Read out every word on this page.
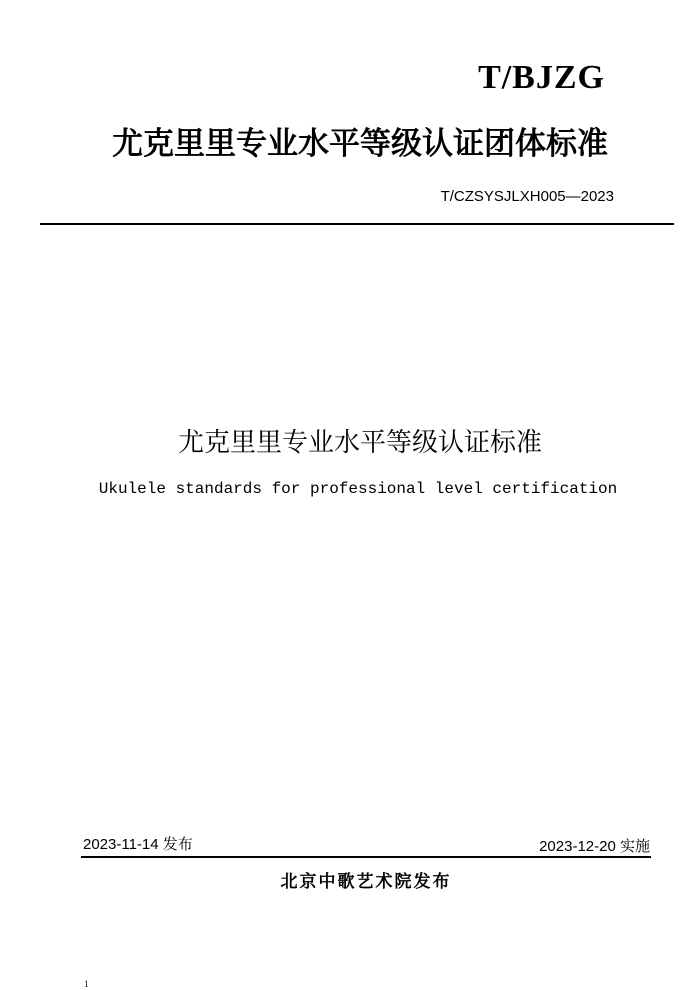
T/BJZG
尤克里里专业水平等级认证团体标准
T/CZSYSJLXH005—2023
尤克里里专业水平等级认证标准
Ukulele standards for professional level certification
2023-11-14 发布	2023-12-20 实施
北京中歌艺术院发布
1
